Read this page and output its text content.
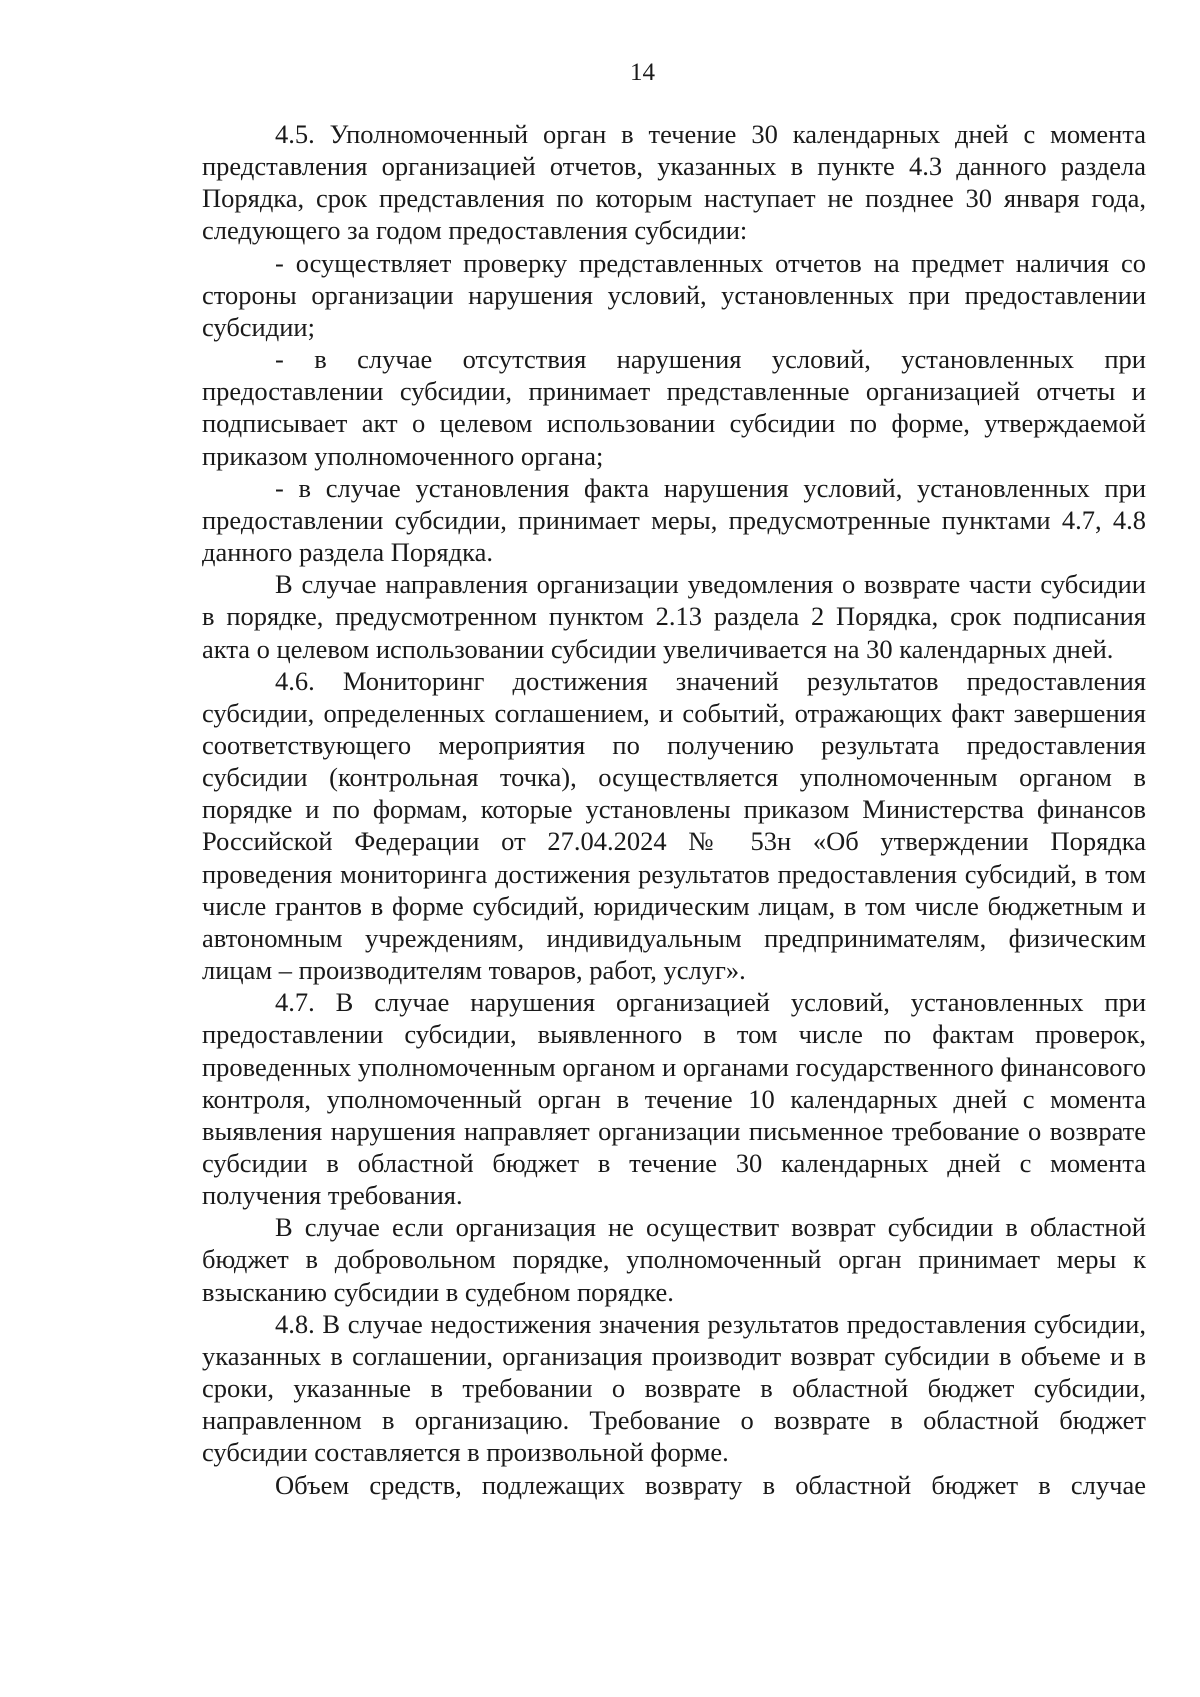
14

4.5. Уполномоченный орган в течение 30 календарных дней с момента представления организацией отчетов, указанных в пункте 4.3 данного раздела Порядка, срок представления по которым наступает не позднее 30 января года, следующего за годом предоставления субсидии:

- осуществляет проверку представленных отчетов на предмет наличия со стороны организации нарушения условий, установленных при предоставлении субсидии;

- в случае отсутствия нарушения условий, установленных при предоставлении субсидии, принимает представленные организацией отчеты и подписывает акт о целевом использовании субсидии по форме, утверждаемой приказом уполномоченного органа;

- в случае установления факта нарушения условий, установленных при предоставлении субсидии, принимает меры, предусмотренные пунктами 4.7, 4.8 данного раздела Порядка.

В случае направления организации уведомления о возврате части субсидии в порядке, предусмотренном пунктом 2.13 раздела 2 Порядка, срок подписания акта о целевом использовании субсидии увеличивается на 30 календарных дней.

4.6. Мониторинг достижения значений результатов предоставления субсидии, определенных соглашением, и событий, отражающих факт завершения соответствующего мероприятия по получению результата предоставления субсидии (контрольная точка), осуществляется уполномоченным органом в порядке и по формам, которые установлены приказом Министерства финансов Российской Федерации от 27.04.2024 № 53н «Об утверждении Порядка проведения мониторинга достижения результатов предоставления субсидий, в том числе грантов в форме субсидий, юридическим лицам, в том числе бюджетным и автономным учреждениям, индивидуальным предпринимателям, физическим лицам – производителям товаров, работ, услуг».

4.7. В случае нарушения организацией условий, установленных при предоставлении субсидии, выявленного в том числе по фактам проверок, проведенных уполномоченным органом и органами государственного финансового контроля, уполномоченный орган в течение 10 календарных дней с момента выявления нарушения направляет организации письменное требование о возврате субсидии в областной бюджет в течение 30 календарных дней с момента получения требования.

В случае если организация не осуществит возврат субсидии в областной бюджет в добровольном порядке, уполномоченный орган принимает меры к взысканию субсидии в судебном порядке.

4.8. В случае недостижения значения результатов предоставления субсидии, указанных в соглашении, организация производит возврат субсидии в объеме и в сроки, указанные в требовании о возврате в областной бюджет субсидии, направленном в организацию. Требование о возврате в областной бюджет субсидии составляется в произвольной форме.

Объем средств, подлежащих возврату в областной бюджет в случае
